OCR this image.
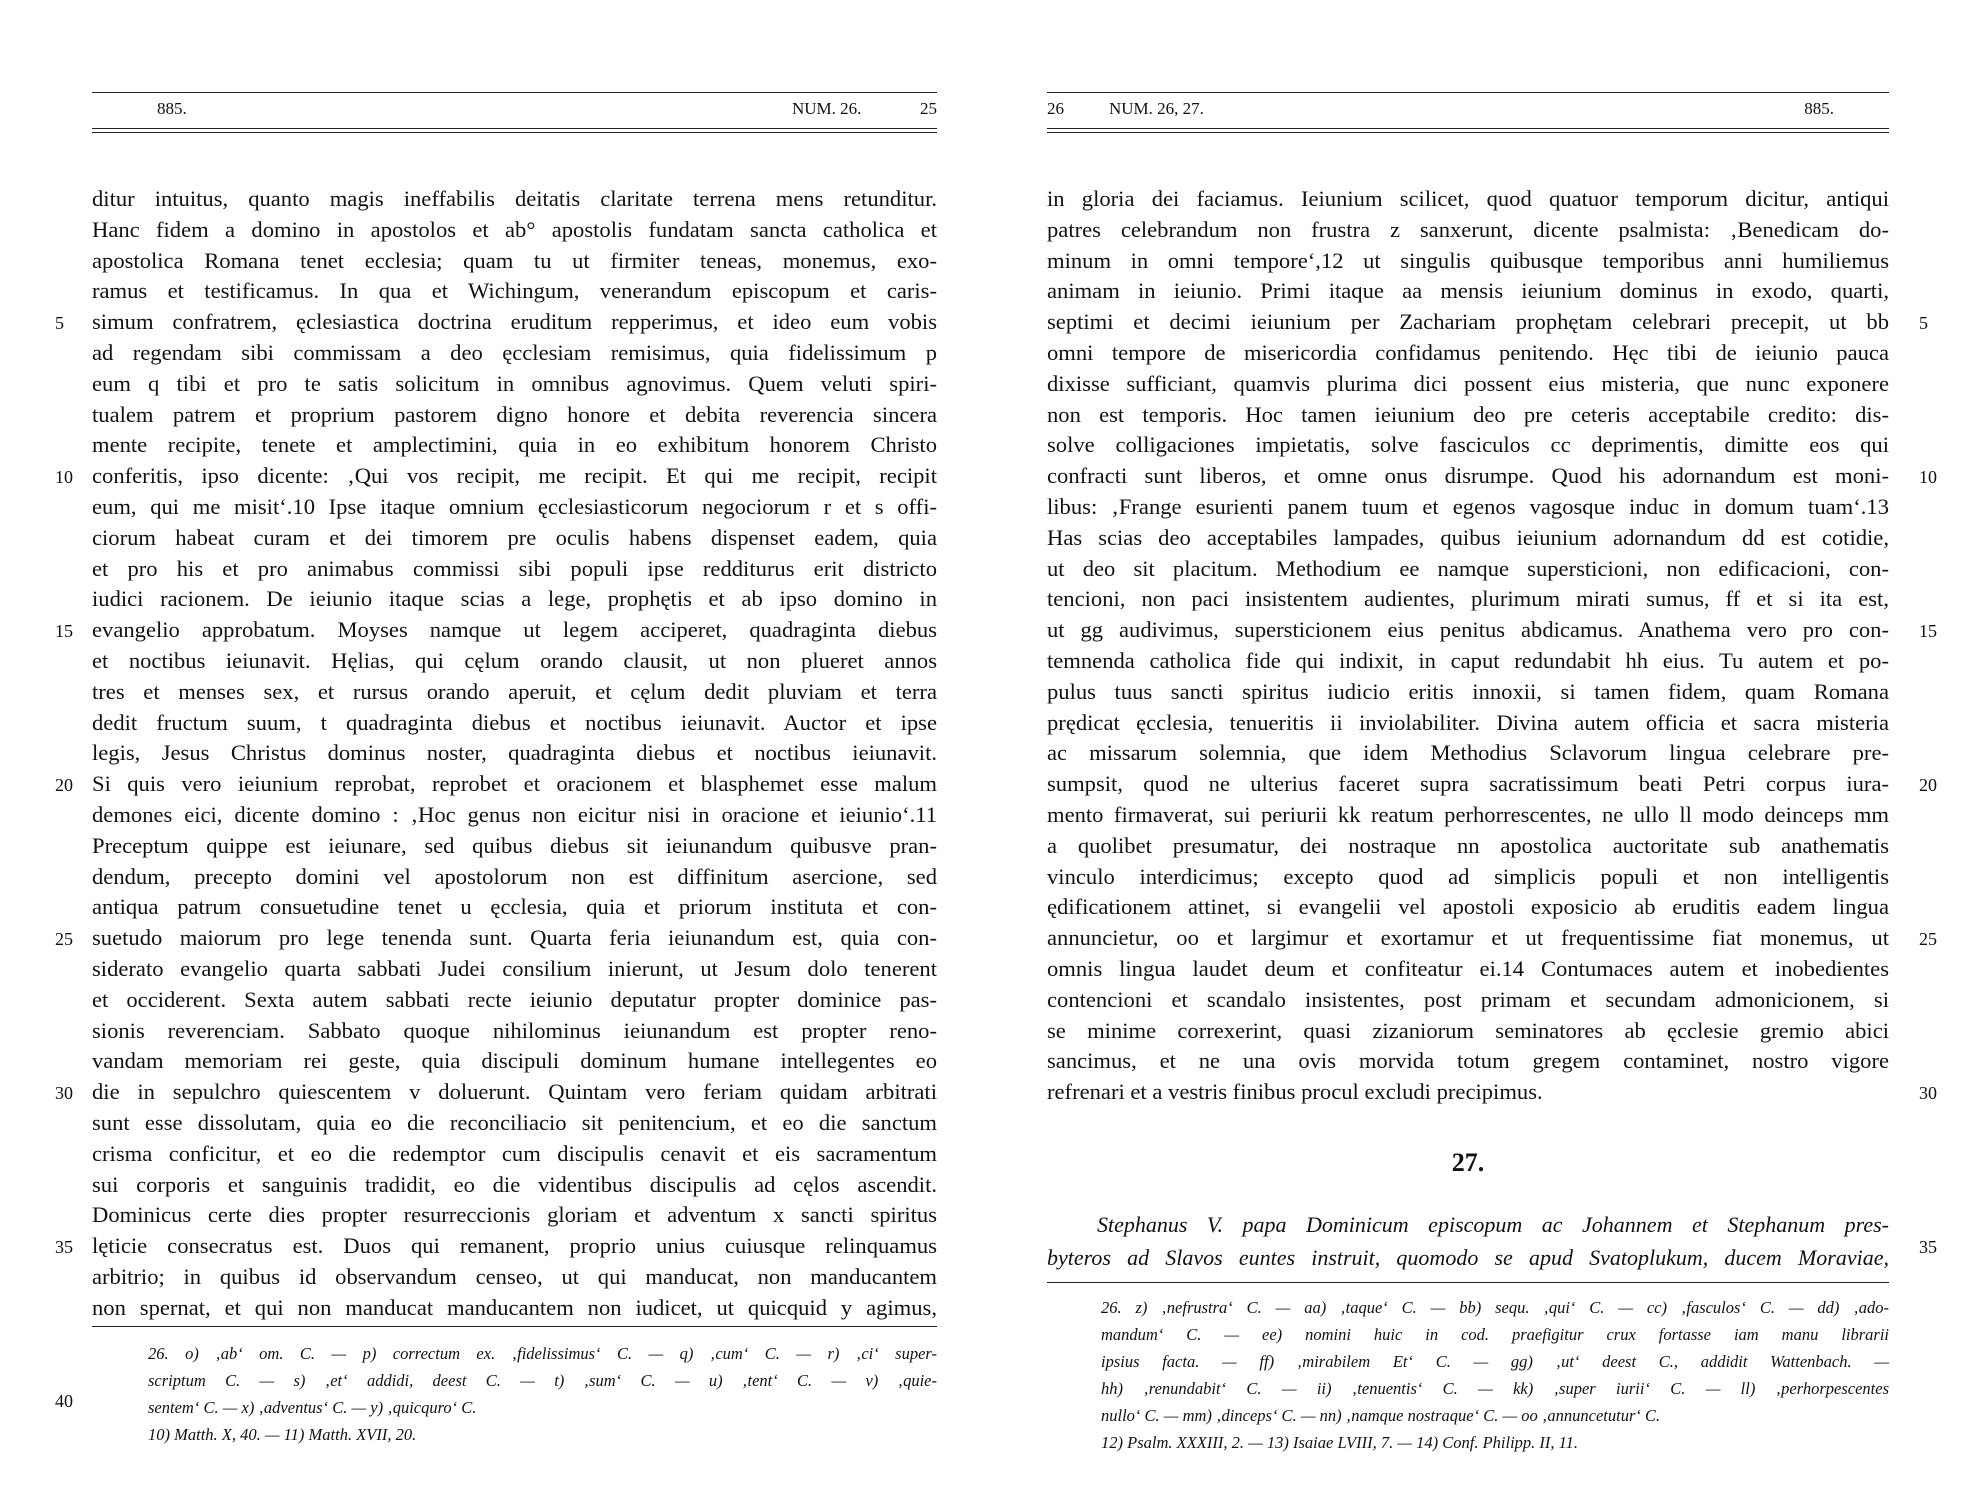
885.	NUM. 26.	25
ditur intuitus, quanto magis ineffabilis deitatis claritate terrena mens retunditur.
Hanc fidem a domino in apostolos et ab° apostolis fundatam sancta catholica et
apostolica Romana tenet ecclesia; quam tu ut firmiter teneas, monemus, exo-
ramus et testificamus. In qua et Wichingum, venerandum episcopum et caris-
simum confratrem, ęclesiastica doctrina eruditum repperimus, et ideo eum vobis
ad regendam sibi commissam a deo ęcclesiam remisimus, quia fidelissimum p
eum q tibi et pro te satis solicitum in omnibus agnovimus. Quem veluti spiri-
tualem patrem et proprium pastorem digno honore et debita reverencia sincera
mente recipite, tenete et amplectimini, quia in eo exhibitum honorem Christo
conferitis, ipso dicente: ‚Qui vos recipit, me recipit. Et qui me recipit, recipit
eum, qui me misit‘.10 Ipse itaque omnium ęcclesiasticorum negociorum r et s offi-
ciorum habeat curam et dei timorem pre oculis habens dispenset eadem, quia
et pro his et pro animabus commissi sibi populi ipse redditurus erit districto
iudici racionem. De ieiunio itaque scias a lege, prophętis et ab ipso domino in
evangelio approbatum. Moyses namque ut legem acciperet, quadraginta diebus
et noctibus ieiunavit. Hęlias, qui cęlum orando clausit, ut non plueret annos
tres et menses sex, et rursus orando aperuit, et cęlum dedit pluviam et terra
dedit fructum suum, t quadraginta diebus et noctibus ieiunavit. Auctor et ipse
legis, Jesus Christus dominus noster, quadraginta diebus et noctibus ieiunavit.
Si quis vero ieiunium reprobat, reprobet et oracionem et blasphemet esse malum
demones eici, dicente domino : ‚Hoc genus non eicitur nisi in oracione et ieiunio‘.11
Preceptum quippe est ieiunare, sed quibus diebus sit ieiunandum quibusve pran-
dendum, precepto domini vel apostolorum non est diffinitum asercione, sed
antiqua patrum consuetudine tenet u ęcclesia, quia et priorum instituta et con-
suetudo maiorum pro lege tenenda sunt. Quarta feria ieiunandum est, quia con-
siderato evangelio quarta sabbati Judei consilium inierunt, ut Jesum dolo tenerent
et occiderent. Sexta autem sabbati recte ieiunio deputatur propter dominice pas-
sionis reverenciam. Sabbato quoque nihilominus ieiunandum est propter reno-
vandam memoriam rei geste, quia discipuli dominum humane intellegentes eo
die in sepulchro quiescentem v doluerunt. Quintam vero feriam quidam arbitrati
sunt esse dissolutam, quia eo die reconciliacio sit penitencium, et eo die sanctum
crisma conficitur, et eo die redemptor cum discipulis cenavit et eis sacramentum
sui corporis et sanguinis tradidit, eo die videntibus discipulis ad cęlos ascendit.
Dominicus certe dies propter resurreccionis gloriam et adventum x sancti spiritus
lęticie consecratus est. Duos qui remanent, proprio unius cuiusque relinquamus
arbitrio; in quibus id observandum censeo, ut qui manducat, non manducantem
non spernat, et qui non manducat manducantem non iudicet, ut quicquid y agimus,
5
10
15
20
25
30
35
40
26. o) ‚ab‘ om. C. — p) correctum ex. ‚fidelissimus‘ C. — q) ‚cum‘ C. — r) ‚ci‘ super-
scriptum C. — s) ‚et‘ addidi, deest C. — t) ‚sum‘ C. — u) ‚tent‘ C. — v) ‚quie-
sentem‘ C. — x) ‚adventus‘ C. — y) ‚quicquro‘ C.
10) Matth. X, 40. — 11) Matth. XVII, 20.
26	NUM. 26, 27.	885.
in gloria dei faciamus. Ieiunium scilicet, quod quatuor temporum dicitur, antiqui
patres celebrandum non frustra z sanxerunt, dicente psalmista: ‚Benedicam do-
minum in omni tempore‘,12 ut singulis quibusque temporibus anni humiliemus
animam in ieiunio. Primi itaque aa mensis ieiunium dominus in exodo, quarti,
septimi et decimi ieiunium per Zachariam prophętam celebrari precepit, ut bb
omni tempore de misericordia confidamus penitendo. Hęc tibi de ieiunio pauca
dixisse sufficiant, quamvis plurima dici possent eius misteria, que nunc exponere
non est temporis. Hoc tamen ieiunium deo pre ceteris acceptabile credito: dis-
solve colligaciones impietatis, solve fasciculos cc deprimentis, dimitte eos qui
confracti sunt liberos, et omne onus disrumpe. Quod his adornandum est moni-
libus: ‚Frange esurienti panem tuum et egenos vagosque induc in domum tuam‘.13
Has scias deo acceptabiles lampades, quibus ieiunium adornandum dd est cotidie,
ut deo sit placitum. Methodium ee namque supersticioni, non edificacioni, con-
tencioni, non paci insistentem audientes, plurimum mirati sumus, ff et si ita est,
ut gg audivimus, supersticionem eius penitus abdicamus. Anathema vero pro con-
temnenda catholica fide qui indixit, in caput redundabit hh eius. Tu autem et po-
pulus tuus sancti spiritus iudicio eritis innoxii, si tamen fidem, quam Romana
prędicat ęcclesia, tenueritis ii inviolabiliter. Divina autem officia et sacra misteria
ac missarum solemnia, que idem Methodius Sclavorum lingua celebrare pre-
sumpsit, quod ne ulterius faceret supra sacratissimum beati Petri corpus iura-
mento firmaverat, sui periurii kk reatum perhorrescentes, ne ullo ll modo deinceps mm
a quolibet presumatur, dei nostraque nn apostolica auctoritate sub anathematis
vinculo interdicimus; excepto quod ad simplicis populi et non intelligentis
ędificationem attinet, si evangelii vel apostoli exposicio ab eruditis eadem lingua
annuncietur, oo et largimur et exortamur et ut frequentissime fiat monemus, ut
omnis lingua laudet deum et confiteatur ei.14 Contumaces autem et inobedientes
contencioni et scandalo insistentes, post primam et secundam admonicionem, si
se minime correxerint, quasi zizaniorum seminatores ab ęcclesie gremio abici
sancimus, et ne una ovis morvida totum gregem contaminet, nostro vigore
refrenari et a vestris finibus procul excludi precipimus.
5
10
15
20
25
30
35
27.
Stephanus V. papa Dominicum episcopum ac Johannem et Stephanum pres-
byteros ad Slavos euntes instruit, quomodo se apud Svatoplukum, ducem Moraviae,
26. z) ‚nefrustra‘ C. — aa) ‚taque‘ C. — bb) sequ. ‚qui‘ C. — cc) ‚fasculos‘ C. — dd) ‚ado-
mandum‘ C. — ee) nomini huic in cod. praefigitur crux fortasse iam manu librarii
ipsius facta. — ff) ‚mirabilem Et‘ C. — gg) ‚ut‘ deest C., addidit Wattenbach. —
hh) ‚renundabit‘ C. — ii) ‚tenuentis‘ C. — kk) ‚super iurii‘ C. — ll) ‚perhorpescentes
nullo‘ C. — mm) ‚dinceps‘ C. — nn) ‚namque nostraque‘ C. — oo ‚annuncetutur‘ C.
12) Psalm. XXXIII, 2. — 13) Isaiae LVIII, 7. — 14) Conf. Philipp. II, 11.
